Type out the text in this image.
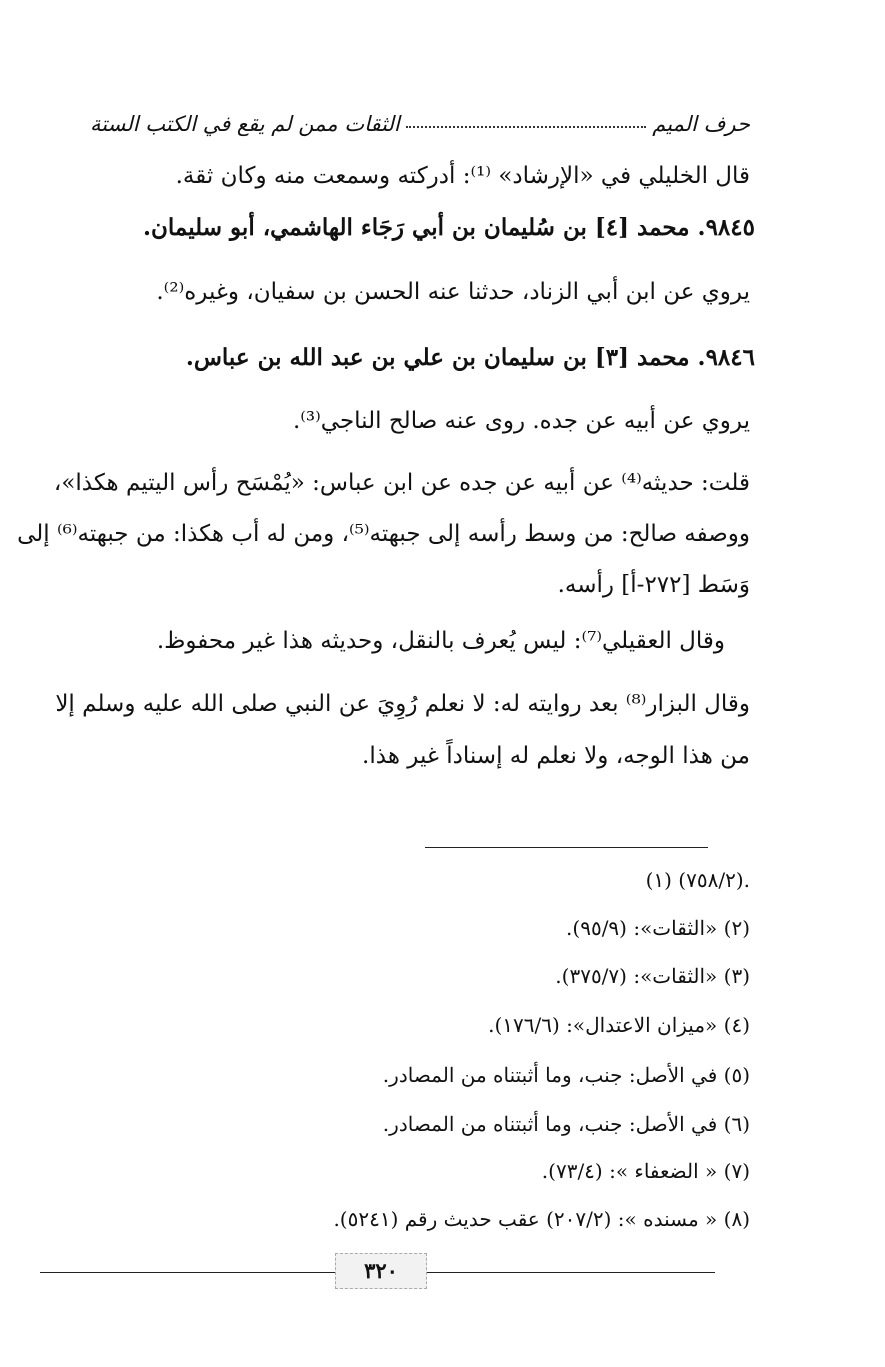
حرف الميم
الثقات ممن لم يقع في الكتب الستة
قال الخليلي في «الإرشاد» ⁽¹⁾: أدركته وسمعت منه وكان ثقة.
٩٨٤٥. محمد [٤] بن سُليمان بن أبي رَجَاء الهاشمي، أبو سليمان.
يروي عن ابن أبي الزناد، حدثنا عنه الحسن بن سفيان، وغيره⁽²⁾.
٩٨٤٦. محمد [٣] بن سليمان بن علي بن عبد الله بن عباس.
يروي عن أبيه عن جده. روى عنه صالح الناجي⁽³⁾.
قلت: حديثه⁽⁴⁾ عن أبيه عن جده عن ابن عباس: «يُمْسَح رأس اليتيم هكذا»،
ووصفه صالح: من وسط رأسه إلى جبهته⁽⁵⁾، ومن له أب هكذا: من جبهته⁽⁶⁾ إلى
وَسَط [٢٧٢-أ] رأسه.
وقال العقيلي⁽⁷⁾: ليس يُعرف بالنقل، وحديثه هذا غير محفوظ.
وقال البزار⁽⁸⁾ بعد روايته له: لا نعلم رُوِيَ عن النبي صلى الله عليه وسلم إلا
من هذا الوجه، ولا نعلم له إسناداً غير هذا.
(١) (٧٥٨/٢).
(٢) «الثقات»: (٩٥/٩).
(٣) «الثقات»: (٣٧٥/٧).
(٤) «ميزان الاعتدال»: (١٧٦/٦).
(٥) في الأصل: جنب، وما أثبتناه من المصادر.
(٦) في الأصل: جنب، وما أثبتناه من المصادر.
(٧) « الضعفاء »: (٧٣/٤).
(٨) « مسنده »: (٢٠٧/٢) عقب حديث رقم (٥٢٤١).
٣٢٠
